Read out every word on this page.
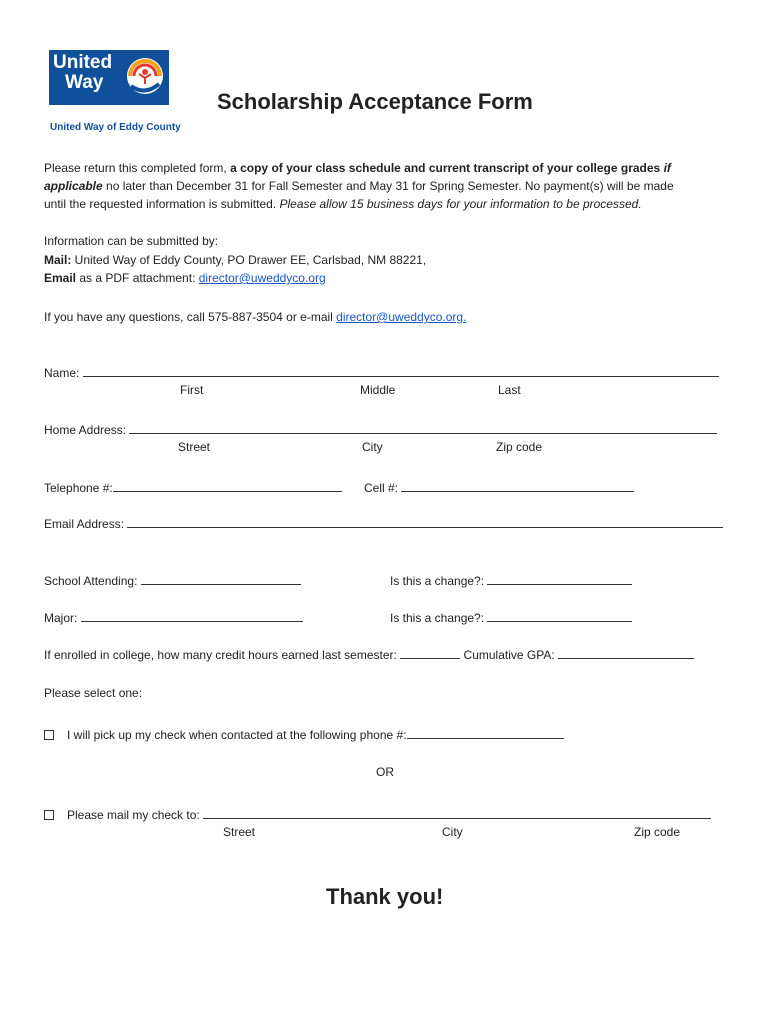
United
Way
United Way of Eddy County
Scholarship Acceptance Form
Please return this completed form, a copy of your class schedule and current transcript of your college grades if
applicable no later than December 31 for Fall Semester and May 31 for Spring Semester. No payment(s) will be made
until the requested information is submitted. Please allow 15 business days for your information to be processed.
Information can be submitted by:
Mail: United Way of Eddy County, PO Drawer EE, Carlsbad, NM 88221,
Email as a PDF attachment: director@uweddyco.org
If you have any questions, call 575-887-3504 or e-mail director@uweddyco.org.
Name:
First	Middle	Last
Home Address:
Street	City	Zip code
Telephone #:	Cell #:
Email Address:
School Attending:	Is this a change?:
Major:	Is this a change?:
If enrolled in college, how many credit hours earned last semester:	Cumulative GPA:
Please select one:
I will pick up my check when contacted at the following phone #:
OR
Please mail my check to:
Street	City	Zip code
Thank you!
